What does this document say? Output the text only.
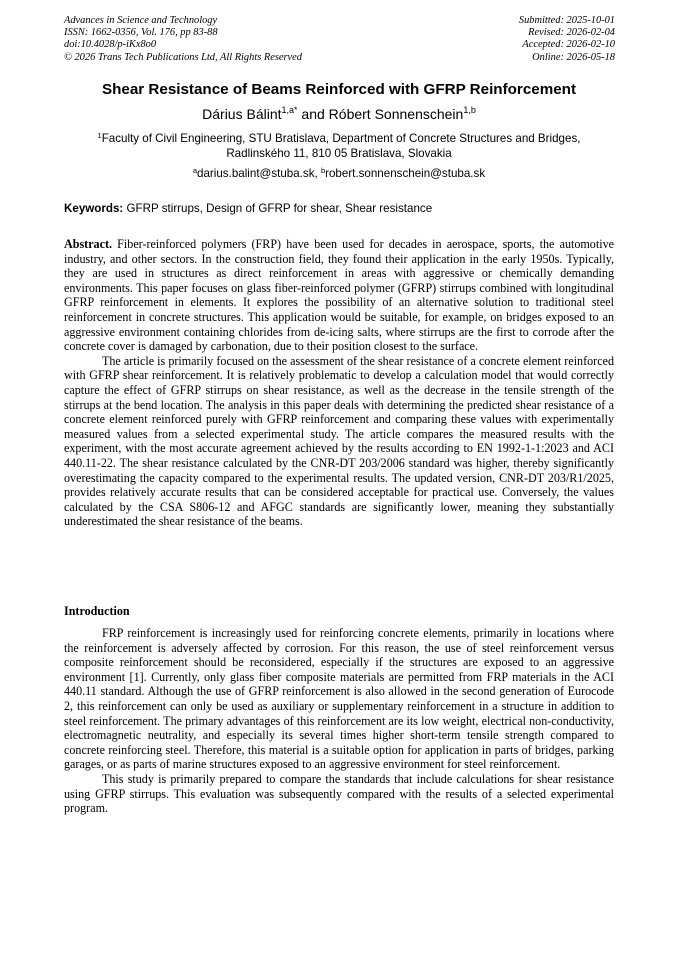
Advances in Science and Technology
ISSN: 1662-0356, Vol. 176, pp 83-88
doi:10.4028/p-iKx8o0
© 2026 Trans Tech Publications Ltd, All Rights Reserved
Submitted: 2025-10-01
Revised: 2026-02-04
Accepted: 2026-02-10
Online: 2026-05-18
Shear Resistance of Beams Reinforced with GFRP Reinforcement
Dárius Bálint$^{1,a*}$ and Róbert Sonnenschein$^{1,b}$
$^1$Faculty of Civil Engineering, STU Bratislava, Department of Concrete Structures and Bridges, Radlinského 11, 810 05 Bratislava, Slovakia
$^a$darius.balint@stuba.sk, $^b$robert.sonnenschein@stuba.sk
Keywords: GFRP stirrups, Design of GFRP for shear, Shear resistance

Abstract. Fiber-reinforced polymers (FRP) have been used for decades in aerospace, sports, the automotive industry, and other sectors. In the construction field, they found their application in the early 1950s. Typically, they are used in structures as direct reinforcement in areas with aggressive or chemically demanding environments. This paper focuses on glass fiber-reinforced polymer (GFRP) stirrups combined with longitudinal GFRP reinforcement in elements. It explores the possibility of an alternative solution to traditional steel reinforcement in concrete structures. This application would be suitable, for example, on bridges exposed to an aggressive environment containing chlorides from de-icing salts, where stirrups are the first to corrode after the concrete cover is damaged by carbonation, due to their position closest to the surface.

The article is primarily focused on the assessment of the shear resistance of a concrete element reinforced with GFRP shear reinforcement. It is relatively problematic to develop a calculation model that would correctly capture the effect of GFRP stirrups on shear resistance, as well as the decrease in the tensile strength of the stirrups at the bend location. The analysis in this paper deals with determining the predicted shear resistance of a concrete element reinforced purely with GFRP reinforcement and comparing these values with experimentally measured values from a selected experimental study. The article compares the measured results with the experiment, with the most accurate agreement achieved by the results according to EN 1992-1-1:2023 and ACI 440.11-22. The shear resistance calculated by the CNR-DT 203/2006 standard was higher, thereby significantly overestimating the capacity compared to the experimental results. The updated version, CNR-DT 203/R1/2025, provides relatively accurate results that can be considered acceptable for practical use. Conversely, the values calculated by the CSA S806-12 and AFGC standards are significantly lower, meaning they substantially underestimated the shear resistance of the beams.

Introduction

FRP reinforcement is increasingly used for reinforcing concrete elements, primarily in locations where the reinforcement is adversely affected by corrosion. For this reason, the use of steel reinforcement versus composite reinforcement should be reconsidered, especially if the structures are exposed to an aggressive environment [1]. Currently, only glass fiber composite materials are permitted from FRP materials in the ACI 440.11 standard. Although the use of GFRP reinforcement is also allowed in the second generation of Eurocode 2, this reinforcement can only be used as auxiliary or supplementary reinforcement in a structure in addition to steel reinforcement. The primary advantages of this reinforcement are its low weight, electrical non-conductivity, electromagnetic neutrality, and especially its several times higher short-term tensile strength compared to concrete reinforcing steel. Therefore, this material is a suitable option for application in parts of bridges, parking garages, or as parts of marine structures exposed to an aggressive environment for steel reinforcement.

This study is primarily prepared to compare the standards that include calculations for shear resistance using GFRP stirrups. This evaluation was subsequently compared with the results of a selected experimental program.
